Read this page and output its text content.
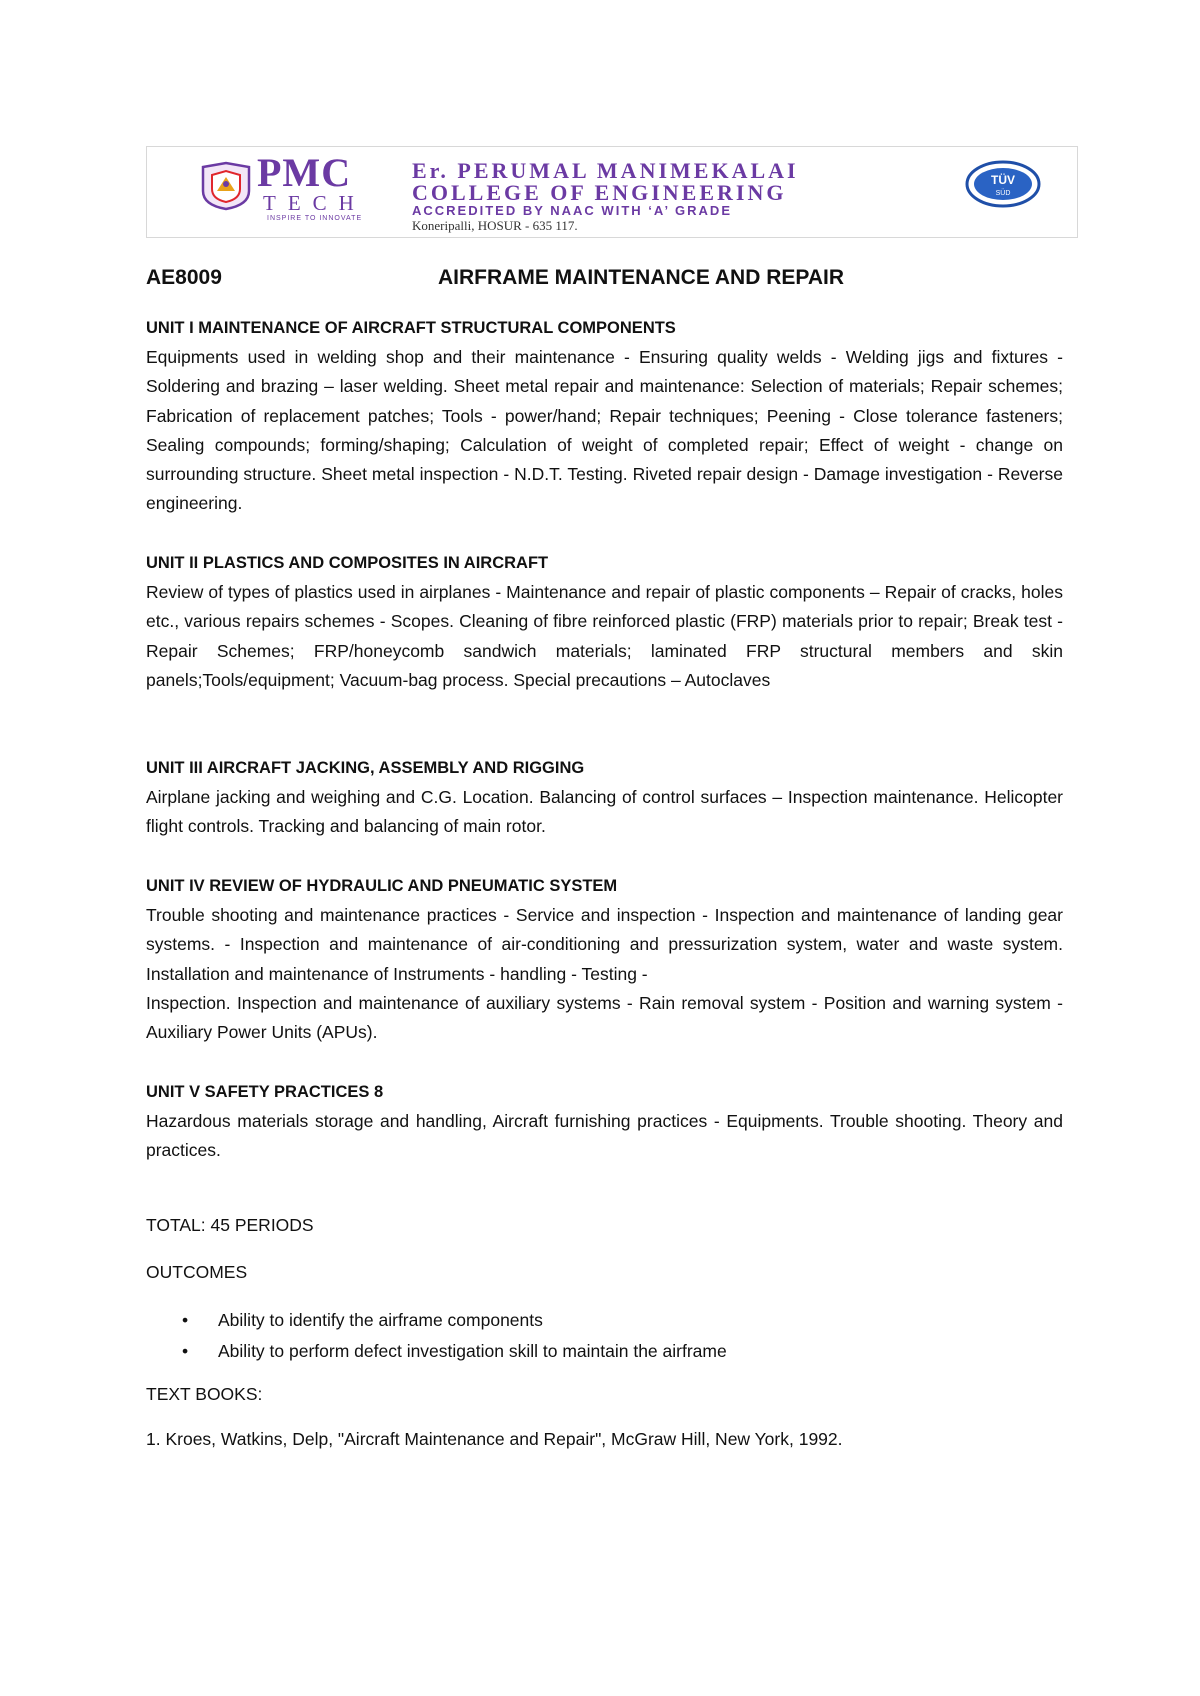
PMC
TECH
INSPIRE TO INNOVATE
Er. PERUMAL MANIMEKALAI
COLLEGE OF ENGINEERING
ACCREDITED BY NAAC WITH ‘A’ GRADE
Koneripalli, HOSUR - 635 117.
TÜV
SÜD
AE8009	AIRFRAME MAINTENANCE AND REPAIR

UNIT I MAINTENANCE OF AIRCRAFT STRUCTURAL COMPONENTS

Equipments used in welding shop and their maintenance - Ensuring quality welds - Welding jigs and fixtures - Soldering and brazing – laser welding. Sheet metal repair and maintenance: Selection of materials; Repair schemes; Fabrication of replacement patches; Tools - power/hand; Repair techniques; Peening - Close tolerance fasteners; Sealing compounds; forming/shaping; Calculation of weight of completed repair; Effect of weight - change on surrounding structure. Sheet metal inspection - N.D.T. Testing. Riveted repair design - Damage investigation - Reverse engineering.

UNIT II PLASTICS AND COMPOSITES IN AIRCRAFT

Review of types of plastics used in airplanes - Maintenance and repair of plastic components – Repair of cracks, holes etc., various repairs schemes - Scopes. Cleaning of fibre reinforced plastic (FRP) materials prior to repair; Break test - Repair Schemes; FRP/honeycomb sandwich materials; laminated FRP structural members and skin panels;Tools/equipment; Vacuum-bag process. Special precautions – Autoclaves

UNIT III AIRCRAFT JACKING, ASSEMBLY AND RIGGING

Airplane jacking and weighing and C.G. Location. Balancing of control surfaces – Inspection maintenance. Helicopter flight controls. Tracking and balancing of main rotor.

UNIT IV REVIEW OF HYDRAULIC AND PNEUMATIC SYSTEM

Trouble shooting and maintenance practices - Service and inspection - Inspection and maintenance of landing gear systems. - Inspection and maintenance of air-conditioning and pressurization system, water and waste system. Installation and maintenance of Instruments - handling - Testing -

Inspection. Inspection and maintenance of auxiliary systems - Rain removal system - Position and warning system - Auxiliary Power Units (APUs).

UNIT V SAFETY PRACTICES 8

Hazardous materials storage and handling, Aircraft furnishing practices - Equipments. Trouble shooting. Theory and practices.

TOTAL: 45 PERIODS

OUTCOMES

• Ability to identify the airframe components
• Ability to perform defect investigation skill to maintain the airframe

TEXT BOOKS:

1. Kroes, Watkins, Delp, "Aircraft Maintenance and Repair", McGraw Hill, New York, 1992.
